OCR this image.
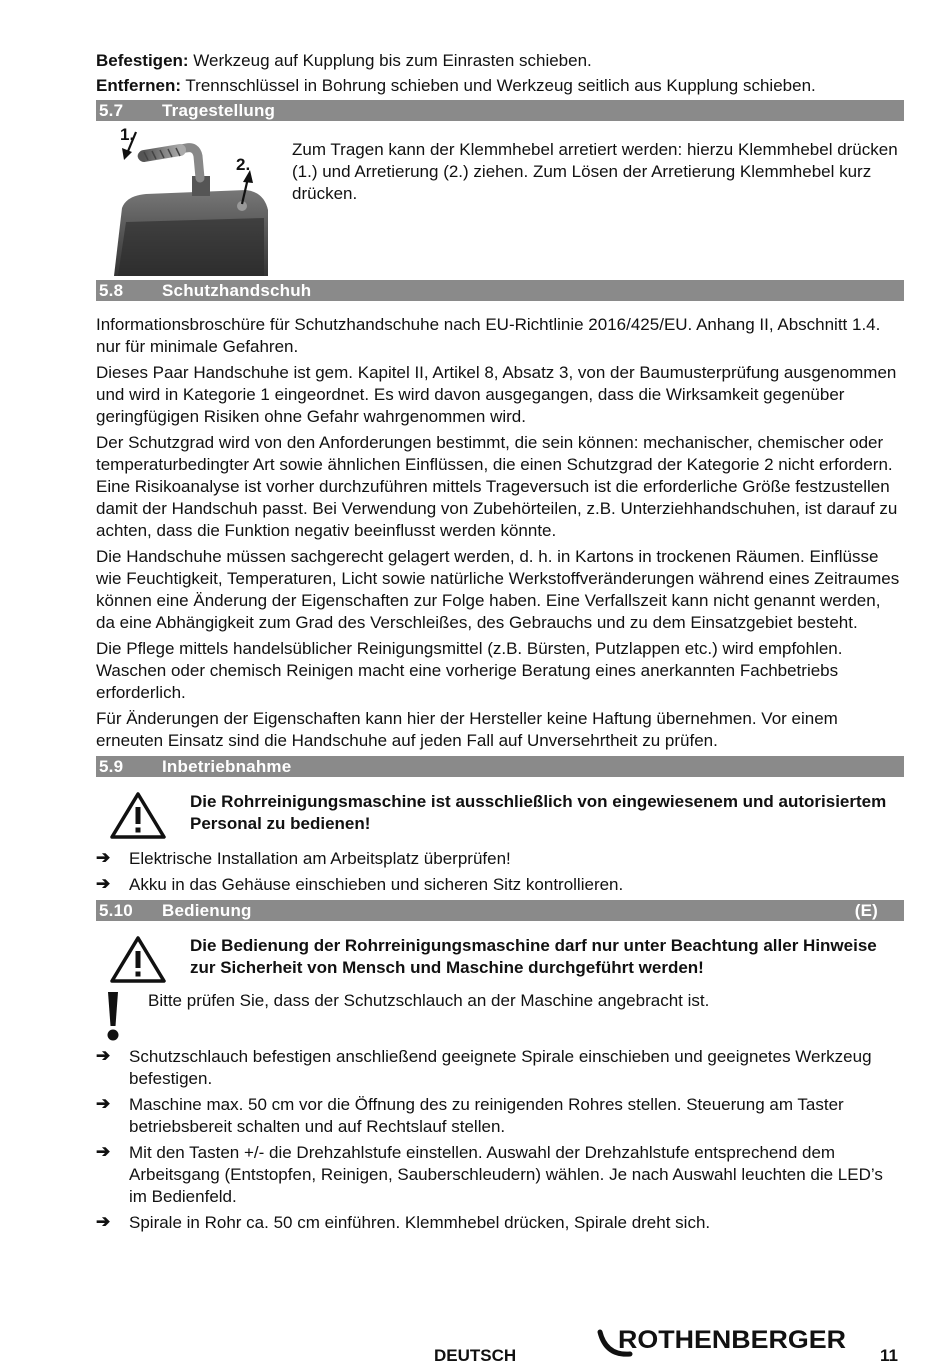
Befestigen: Werkzeug auf Kupplung bis zum Einrasten schieben.

Entfernen: Trennschlüssel in Bohrung schieben und Werkzeug seitlich aus Kupplung schieben.

5.7 Tragestellung
1.
2.

Zum Tragen kann der Klemmhebel arretiert werden: hierzu Klemmhebel drücken (1.) und Arretierung (2.) ziehen. Zum Lösen der Arretierung Klemmhebel kurz drücken.

5.8 Schutzhandschuh

Informationsbroschüre für Schutzhandschuhe nach EU-Richtlinie 2016/425/EU. Anhang II, Abschnitt 1.4. nur für minimale Gefahren.

Dieses Paar Handschuhe ist gem. Kapitel II, Artikel 8, Absatz 3, von der Baumusterprüfung ausgenommen und wird in Kategorie 1 eingeordnet. Es wird davon ausgegangen, dass die Wirksamkeit gegenüber geringfügigen Risiken ohne Gefahr wahrgenommen wird.

Der Schutzgrad wird von den Anforderungen bestimmt, die sein können: mechanischer, chemischer oder temperaturbedingter Art sowie ähnlichen Einflüssen, die einen Schutzgrad der Kategorie 2 nicht erfordern. Eine Risikoanalyse ist vorher durchzuführen mittels Trageversuch ist die erforderliche Größe festzustellen damit der Handschuh passt. Bei Verwendung von Zubehörteilen, z.B. Unterziehhandschuhen, ist darauf zu achten, dass die Funktion negativ beeinflusst werden könnte.

Die Handschuhe müssen sachgerecht gelagert werden, d. h. in Kartons in trockenen Räumen. Einflüsse wie Feuchtigkeit, Temperaturen, Licht sowie natürliche Werkstoffveränderungen während eines Zeitraumes können eine Änderung der Eigenschaften zur Folge haben. Eine Verfallszeit kann nicht genannt werden, da eine Abhängigkeit zum Grad des Verschleißes, des Gebrauchs und zu dem Einsatzgebiet besteht.

Die Pflege mittels handelsüblicher Reinigungsmittel (z.B. Bürsten, Putzlappen etc.) wird empfohlen. Waschen oder chemisch Reinigen macht eine vorherige Beratung eines anerkannten Fachbetriebs erforderlich.

Für Änderungen der Eigenschaften kann hier der Hersteller keine Haftung übernehmen. Vor einem erneuten Einsatz sind die Handschuhe auf jeden Fall auf Unversehrtheit zu prüfen.

5.9 Inbetriebnahme

Die Rohrreinigungsmaschine ist ausschließlich von eingewiesenem und autorisiertem Personal zu bedienen!

➔	Elektrische Installation am Arbeitsplatz überprüfen!

➔	Akku in das Gehäuse einschieben und sicheren Sitz kontrollieren.

5.10 Bedienung	(E)

Die Bedienung der Rohrreinigungsmaschine darf nur unter Beachtung aller Hinweise zur Sicherheit von Mensch und Maschine durchgeführt werden!

Bitte prüfen Sie, dass der Schutzschlauch an der Maschine angebracht ist.

➔	Schutzschlauch befestigen anschließend geeignete Spirale einschieben und geeignetes Werkzeug befestigen.

➔	Maschine max. 50 cm vor die Öffnung des zu reinigenden Rohres stellen. Steuerung am Taster betriebsbereit schalten und auf Rechtslauf stellen.

➔	Mit den Tasten +/- die Drehzahlstufe einstellen. Auswahl der Drehzahlstufe entsprechend dem Arbeitsgang (Entstopfen, Reinigen, Sauberschleudern) wählen. Je nach Auswahl leuchten die LED’s im Bedienfeld.

➔	Spirale in Rohr ca. 50 cm einführen. Klemmhebel drücken, Spirale dreht sich.

DEUTSCH	11
ROTHENBERGER
